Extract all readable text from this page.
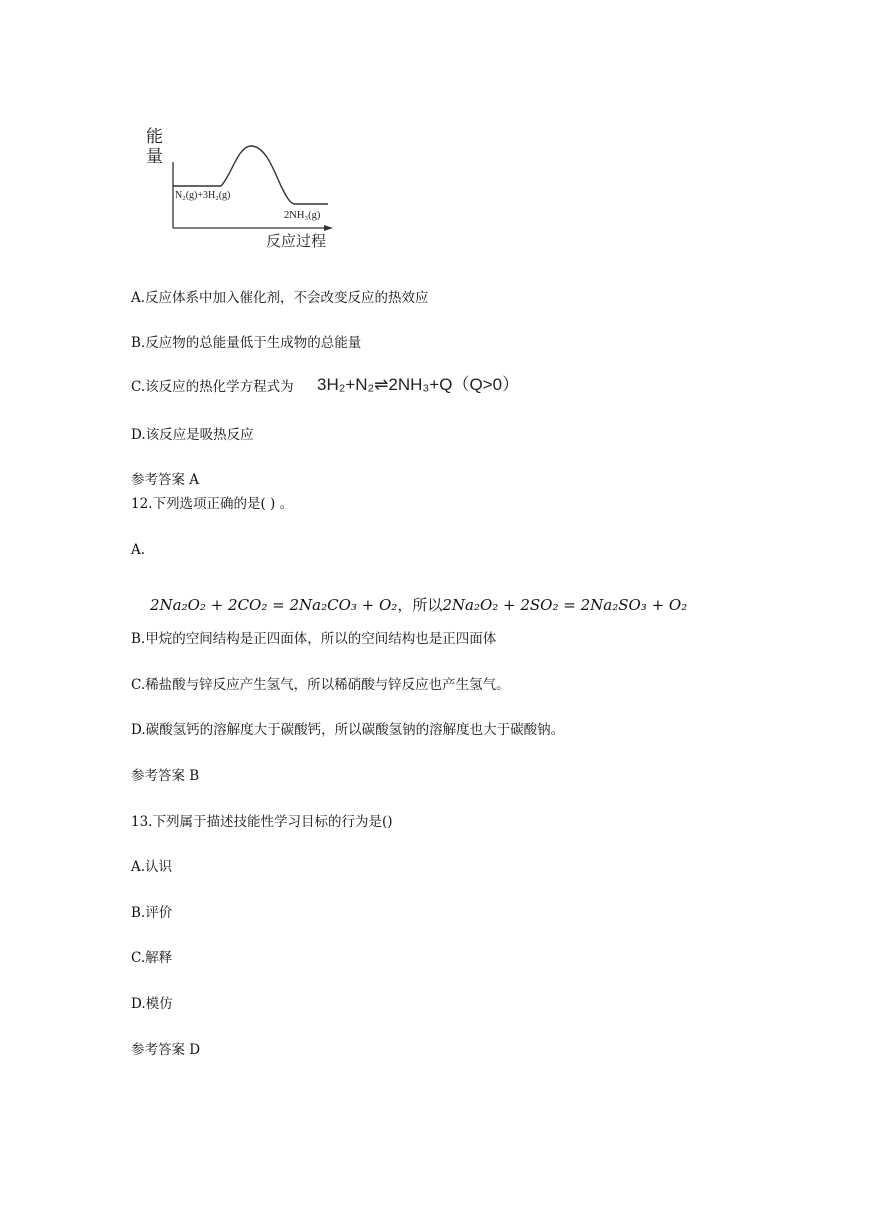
能
量
N₂(g)+3H₂(g)
2NH₃(g)
反应过程
A.反应体系中加入催化剂，不会改变反应的热效应
B.反应物的总能量低于生成物的总能量
C.该反应的热化学方程式为 3H₂+N₂⇌2NH₃+Q（Q>0）
D.该反应是吸热反应
参考答案 A
12.下列选项正确的是( ) 。
A.
2Na₂O₂ + 2CO₂ = 2Na₂CO₃ + O₂，所以2Na₂O₂ + 2SO₂ = 2Na₂SO₃ + O₂
B.甲烷的空间结构是正四面体，所以的空间结构也是正四面体
C.稀盐酸与锌反应产生氢气，所以稀硝酸与锌反应也产生氢气。
D.碳酸氢钙的溶解度大于碳酸钙，所以碳酸氢钠的溶解度也大于碳酸钠。
参考答案 B
13.下列属于描述技能性学习目标的行为是()
A.认识
B.评价
C.解释
D.模仿
参考答案 D
